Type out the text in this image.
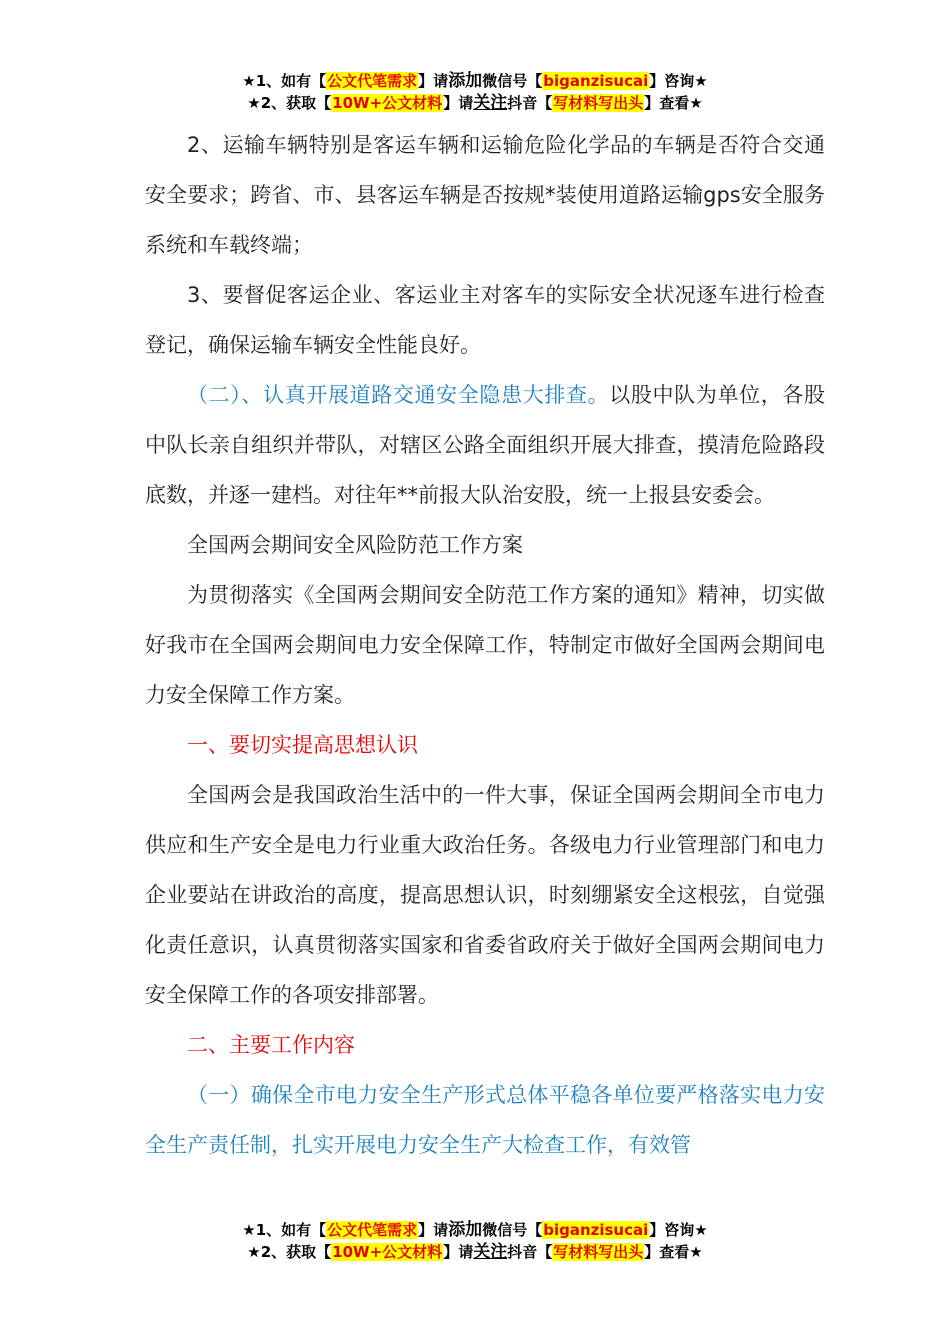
★1、如有【公文代笔需求】请添加微信号【biganzisucai】咨询★
★2、获取【10W+公文材料】请关注抖音【写材料写出头】查看★

2、运输车辆特别是客运车辆和运输危险化学品的车辆是否符合交通安全要求；跨省、市、县客运车辆是否按规*装使用道路运输gps安全服务系统和车载终端；

3、要督促客运企业、客运业主对客车的实际安全状况逐车进行检查登记，确保运输车辆安全性能良好。

（二）、认真开展道路交通安全隐患大排查。以股中队为单位，各股中队长亲自组织并带队，对辖区公路全面组织开展大排查，摸清危险路段底数，并逐一建档。对往年**前报大队治安股，统一上报县安委会。

全国两会期间安全风险防范工作方案

为贯彻落实《全国两会期间安全防范工作方案的通知》精神，切实做好我市在全国两会期间电力安全保障工作，特制定市做好全国两会期间电力安全保障工作方案。

一、要切实提高思想认识

全国两会是我国政治生活中的一件大事，保证全国两会期间全市电力供应和生产安全是电力行业重大政治任务。各级电力行业管理部门和电力企业要站在讲政治的高度，提高思想认识，时刻绷紧安全这根弦，自觉强化责任意识，认真贯彻落实国家和省委省政府关于做好全国两会期间电力安全保障工作的各项安排部署。

二、主要工作内容

（一）确保全市电力安全生产形式总体平稳各单位要严格落实电力安全生产责任制，扎实开展电力安全生产大检查工作，有效管

★1、如有【公文代笔需求】请添加微信号【biganzisucai】咨询★
★2、获取【10W+公文材料】请关注抖音【写材料写出头】查看★
